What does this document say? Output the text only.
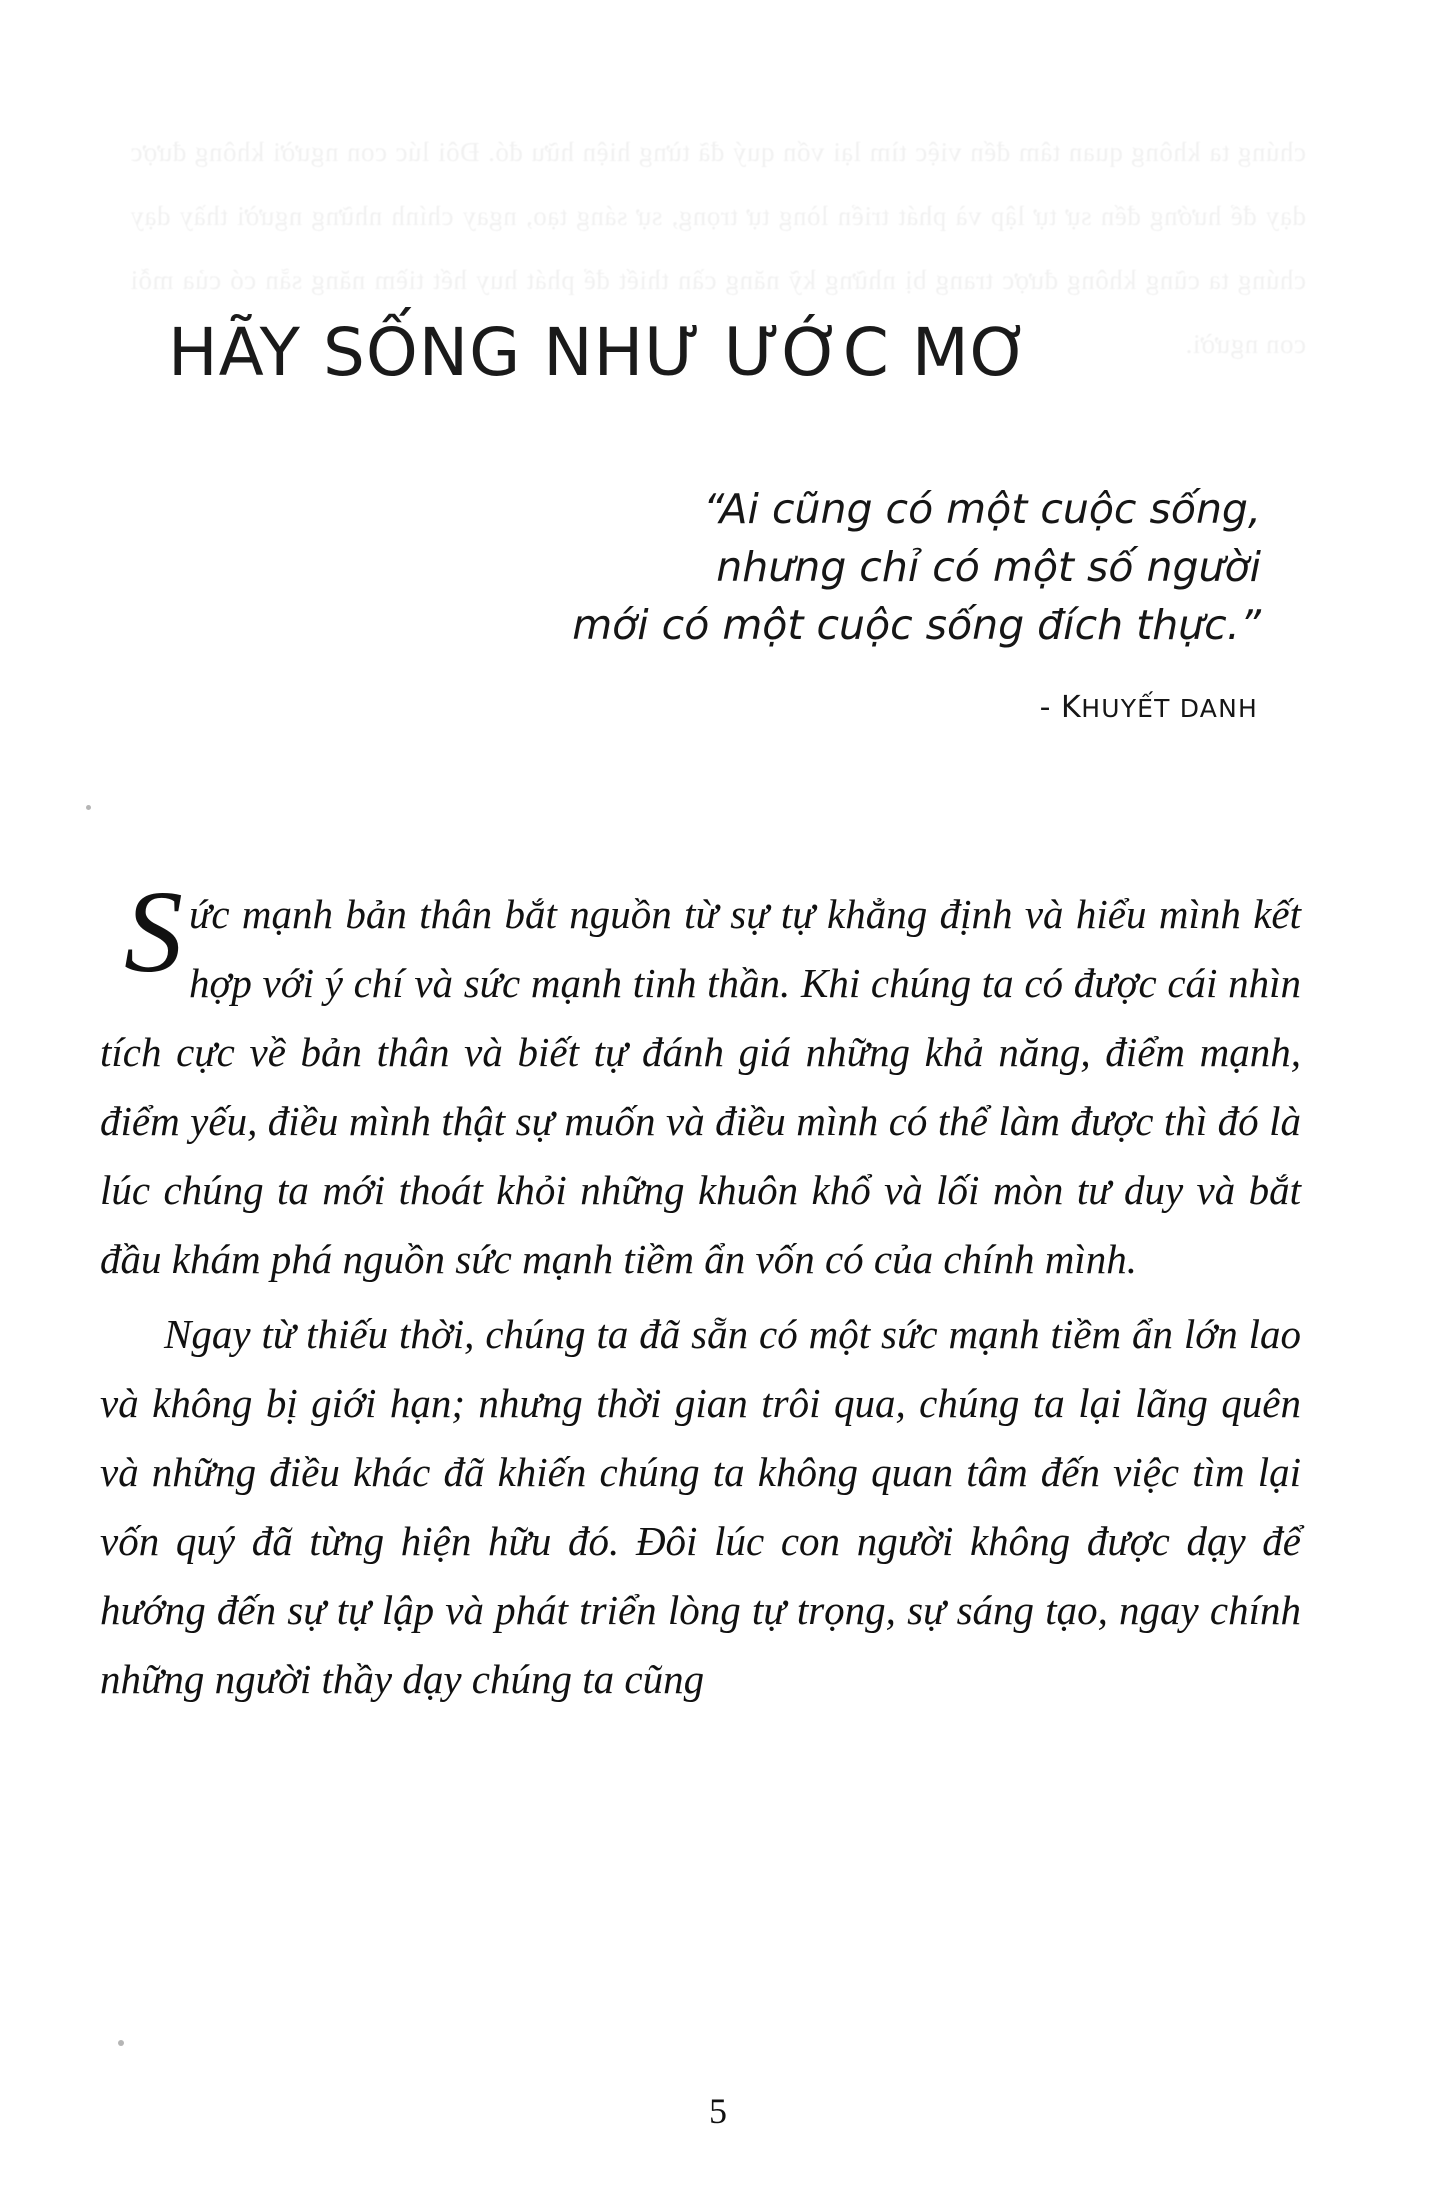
chúng ta không quan tâm đến việc tìm lại vốn quý đã từng hiện hữu đó. Đôi lúc con người không được dạy để hướng đến sự tự lập và phát triển lòng tự trọng, sự sáng tạo, ngay chính những người thầy dạy chúng ta cũng không được trang bị những kỹ năng cần thiết để phát huy hết tiềm năng sẵn có của mỗi con người.
HÃY SỐNG NHƯ ƯỚC MƠ
“Ai cũng có một cuộc sống,
nhưng chỉ có một số người
mới có một cuộc sống đích thực.”
- KHUYẾT DANH

Sức mạnh bản thân bắt nguồn từ sự tự khẳng định và hiểu mình kết hợp với ý chí và sức mạnh tinh thần. Khi chúng ta có được cái nhìn tích cực về bản thân và biết tự đánh giá những khả năng, điểm mạnh, điểm yếu, điều mình thật sự muốn và điều mình có thể làm được thì đó là lúc chúng ta mới thoát khỏi những khuôn khổ và lối mòn tư duy và bắt đầu khám phá nguồn sức mạnh tiềm ẩn vốn có của chính mình.

Ngay từ thiếu thời, chúng ta đã sẵn có một sức mạnh tiềm ẩn lớn lao và không bị giới hạn; nhưng thời gian trôi qua, chúng ta lại lãng quên và những điều khác đã khiến chúng ta không quan tâm đến việc tìm lại vốn quý đã từng hiện hữu đó. Đôi lúc con người không được dạy để hướng đến sự tự lập và phát triển lòng tự trọng, sự sáng tạo, ngay chính những người thầy dạy chúng ta cũng

5
